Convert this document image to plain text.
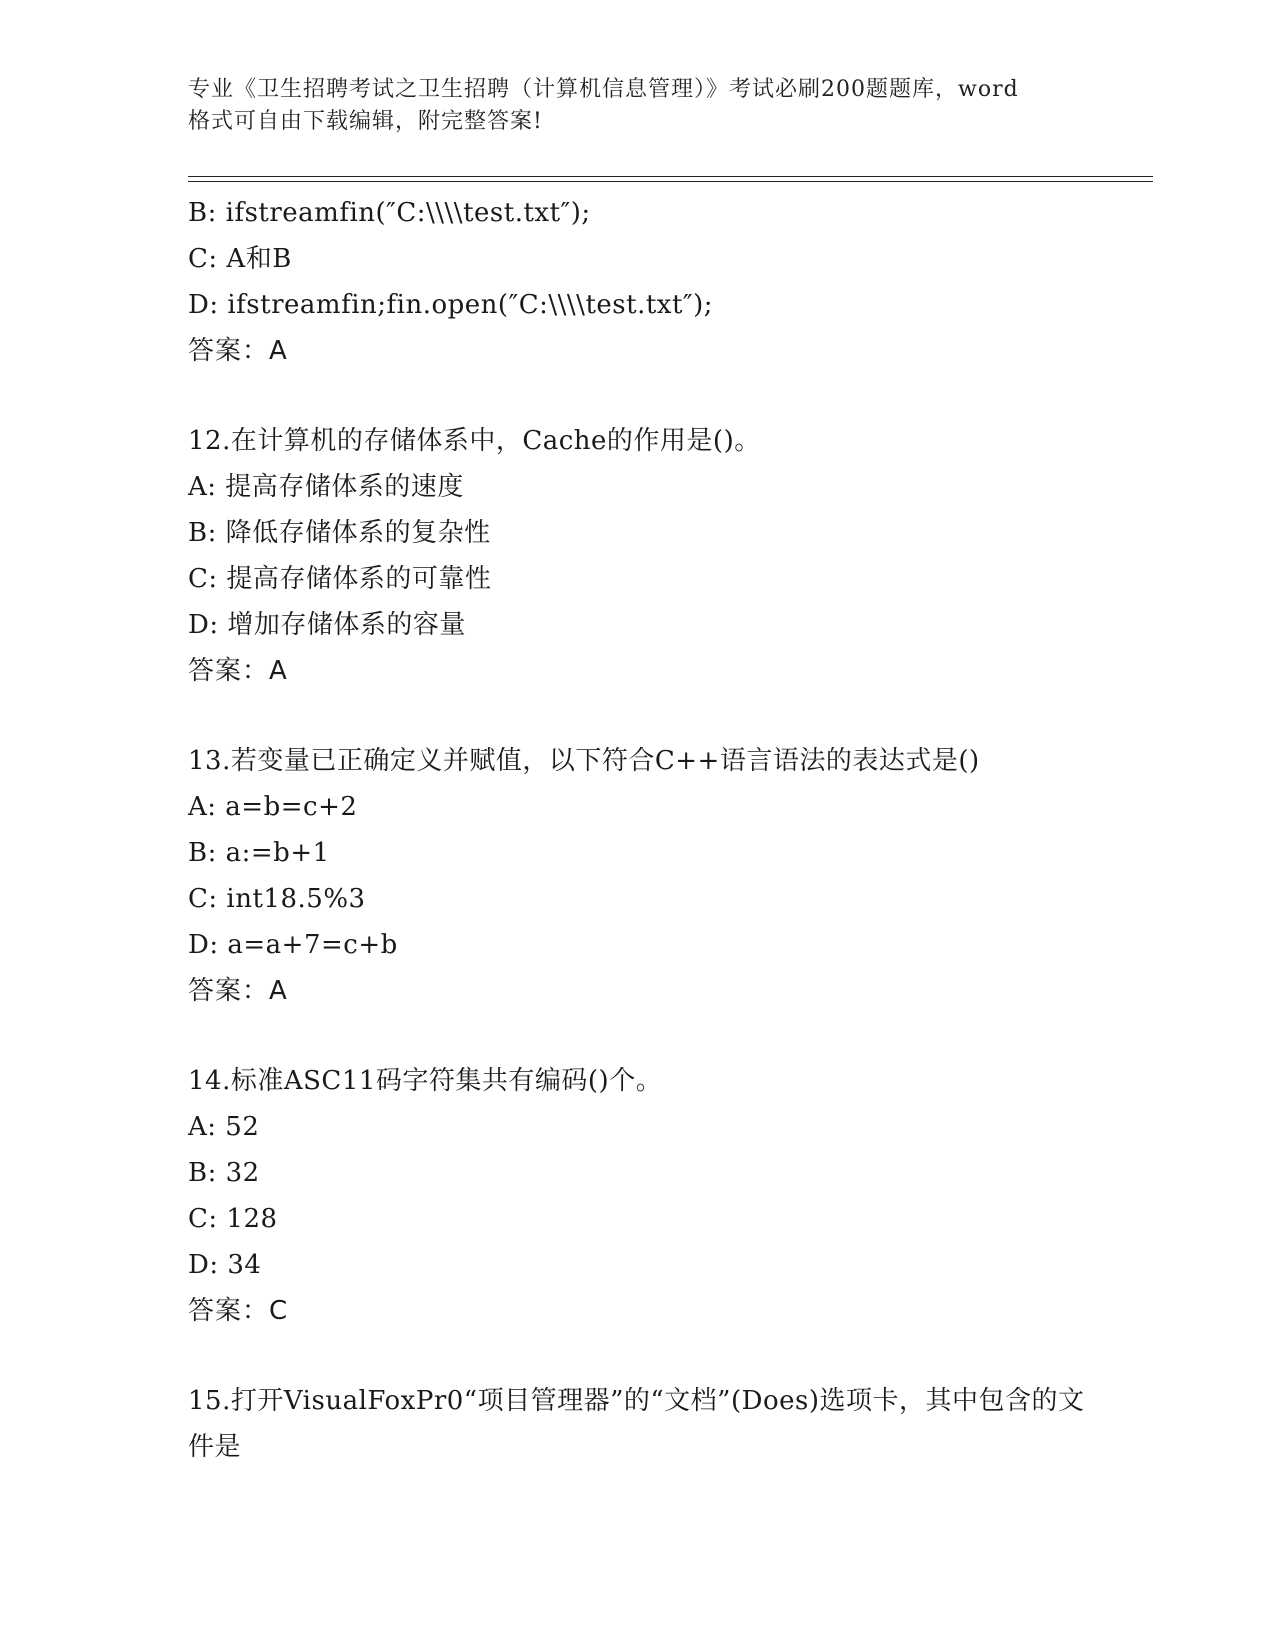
专业《卫生招聘考试之卫生招聘（计算机信息管理）》考试必刷200题题库，word
格式可自由下载编辑，附完整答案!
B: ifstreamfin(″C:\\\\test.txt″);
C: A和B
D: ifstreamfin;fin.open(″C:\\\\test.txt″);
答案：A
12.在计算机的存储体系中，Cache的作用是()。
A: 提高存储体系的速度
B: 降低存储体系的复杂性
C: 提高存储体系的可靠性
D: 增加存储体系的容量
答案：A
13.若变量已正确定义并赋值，以下符合C++语言语法的表达式是()
A: a=b=c+2
B: a:=b+1
C: int18.5%3
D: a=a+7=c+b
答案：A
14.标准ASC11码字符集共有编码()个。
A: 52
B: 32
C: 128
D: 34
答案：C
15.打开VisualFoxPr0“项目管理器”的“文档”(Does)选项卡，其中包含的文件是
